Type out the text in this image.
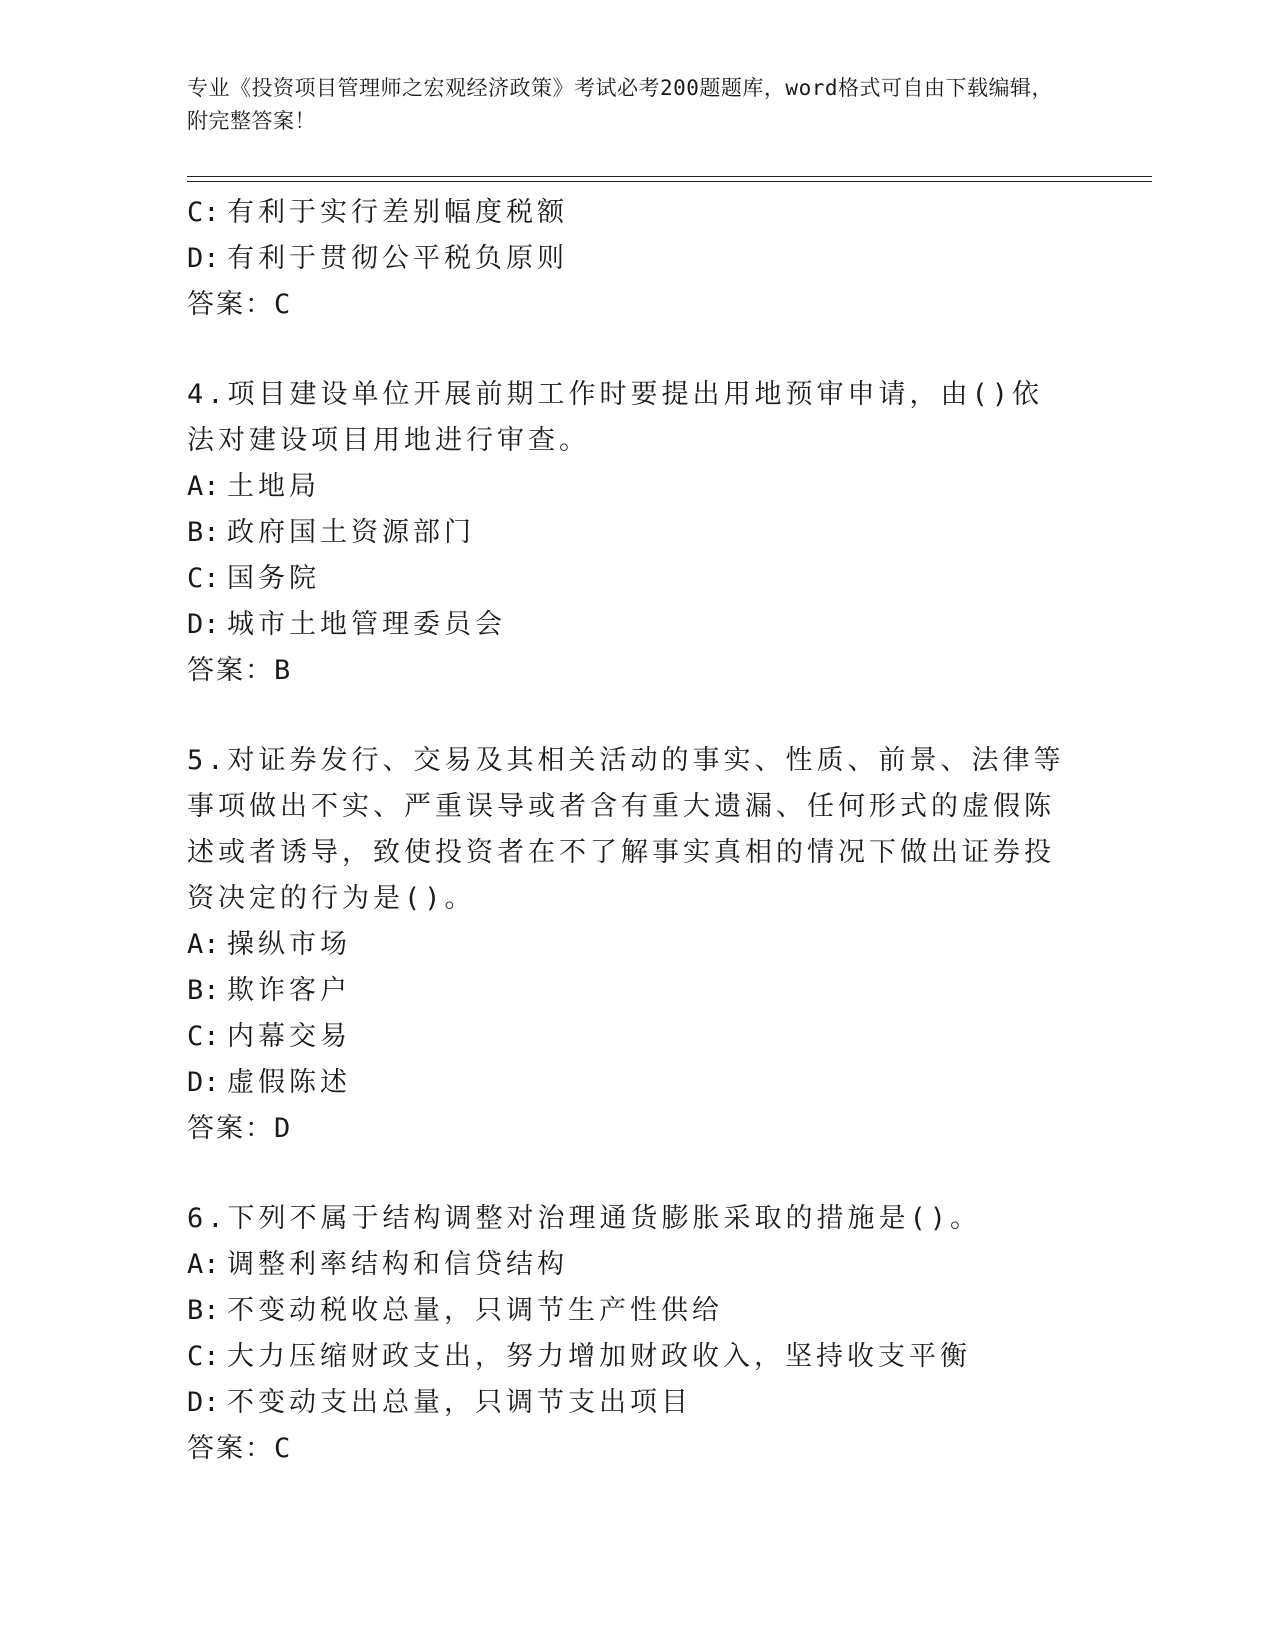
专业《投资项目管理师之宏观经济政策》考试必考200题题库，word格式可自由下载编辑，附完整答案！
C: 有利于实行差别幅度税额
D: 有利于贯彻公平税负原则
答案：C
4.项目建设单位开展前期工作时要提出用地预审申请，由()依法对建设项目用地进行审查。
A: 土地局
B: 政府国土资源部门
C: 国务院
D: 城市土地管理委员会
答案：B
5.对证券发行、交易及其相关活动的事实、性质、前景、法律等事项做出不实、严重误导或者含有重大遗漏、任何形式的虚假陈述或者诱导，致使投资者在不了解事实真相的情况下做出证券投资决定的行为是()。
A: 操纵市场
B: 欺诈客户
C: 内幕交易
D: 虚假陈述
答案：D
6.下列不属于结构调整对治理通货膨胀采取的措施是()。
A: 调整利率结构和信贷结构
B: 不变动税收总量，只调节生产性供给
C: 大力压缩财政支出，努力增加财政收入，坚持收支平衡
D: 不变动支出总量，只调节支出项目
答案：C
